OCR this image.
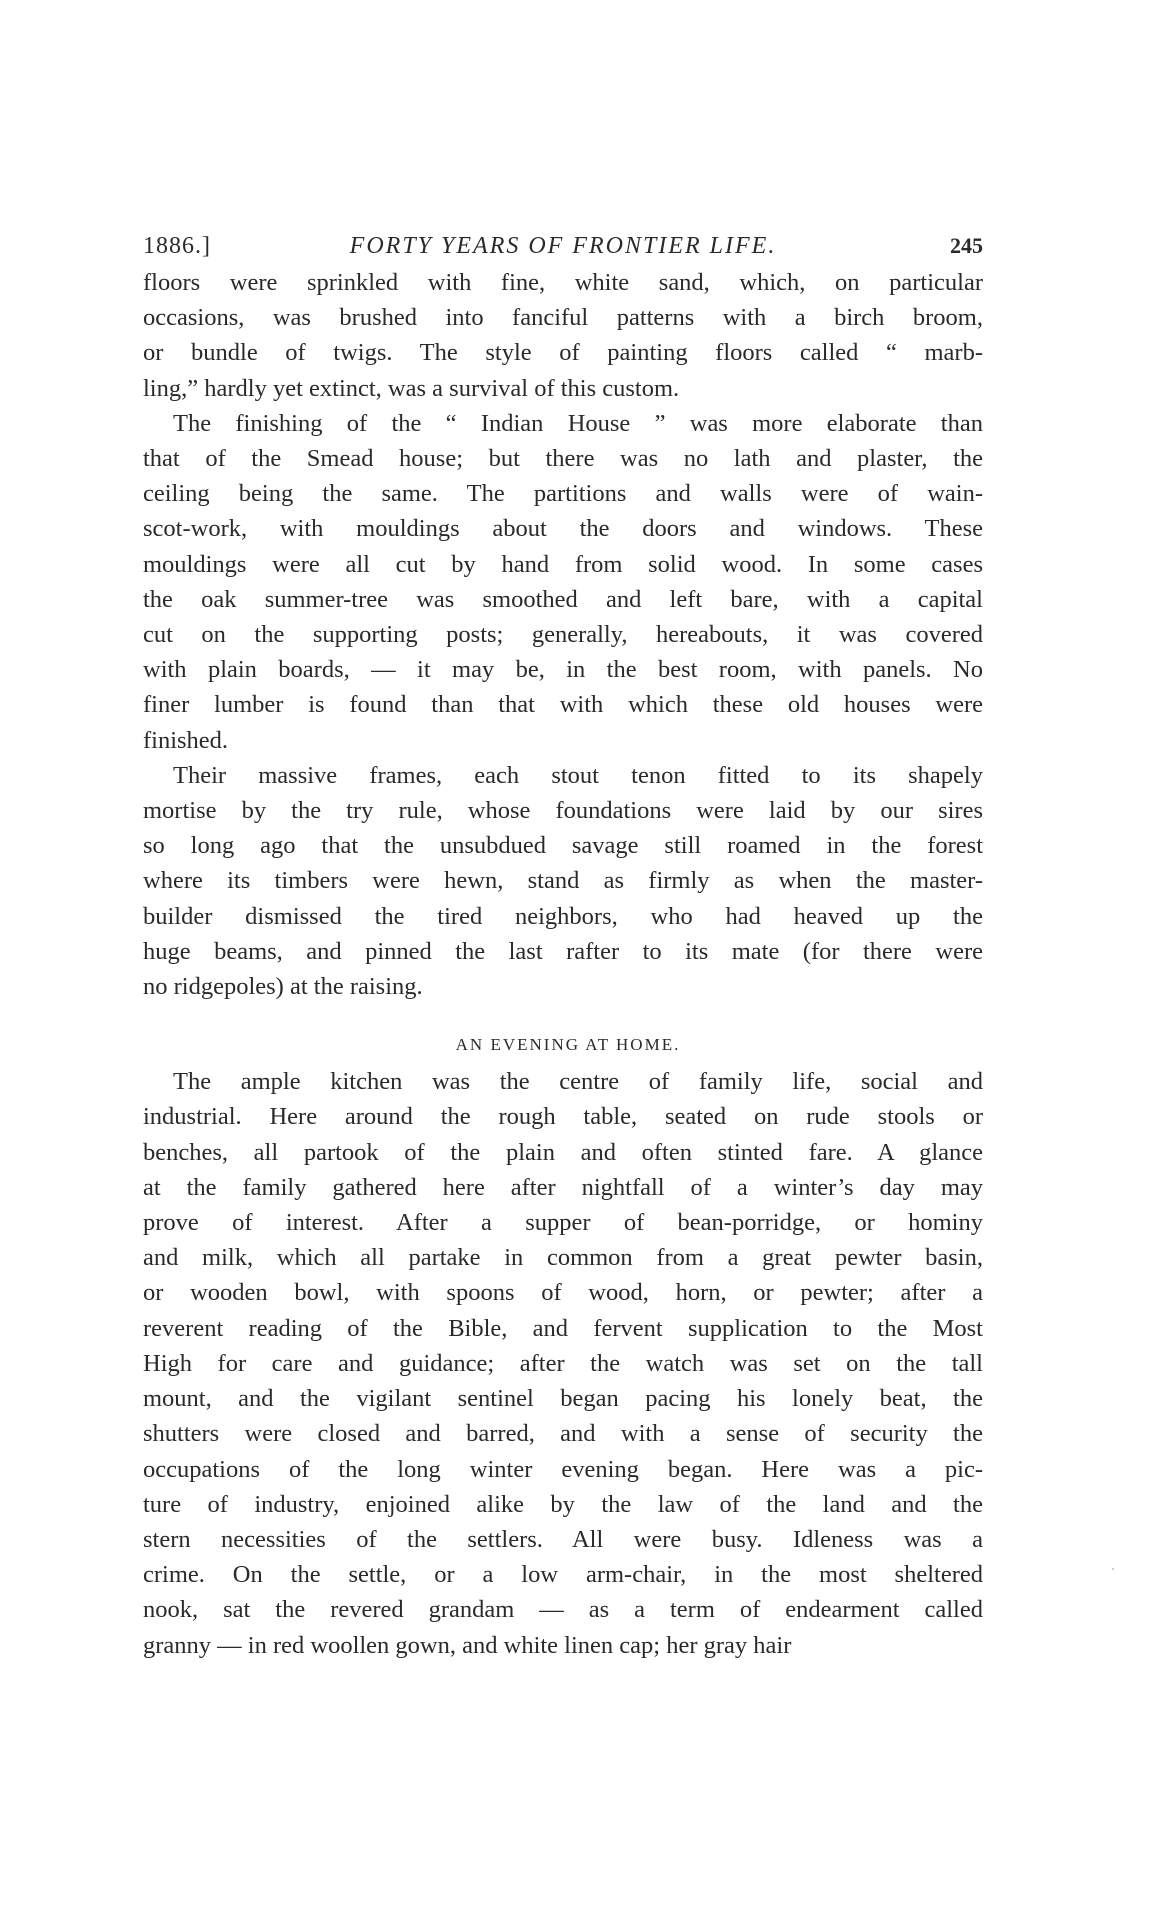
1886.]	FORTY YEARS OF FRONTIER LIFE.	245
floors were sprinkled with fine, white sand, which, on particular
occasions, was brushed into fanciful patterns with a birch broom,
or bundle of twigs. The style of painting floors called “ marb-
ling,” hardly yet extinct, was a survival of this custom.
The finishing of the “ Indian House ” was more elaborate than
that of the Smead house; but there was no lath and plaster, the
ceiling being the same. The partitions and walls were of wain-
scot-work, with mouldings about the doors and windows. These
mouldings were all cut by hand from solid wood. In some cases
the oak summer-tree was smoothed and left bare, with a capital
cut on the supporting posts; generally, hereabouts, it was covered
with plain boards, — it may be, in the best room, with panels. No
finer lumber is found than that with which these old houses were
finished.
Their massive frames, each stout tenon fitted to its shapely
mortise by the try rule, whose foundations were laid by our sires
so long ago that the unsubdued savage still roamed in the forest
where its timbers were hewn, stand as firmly as when the master-
builder dismissed the tired neighbors, who had heaved up the
huge beams, and pinned the last rafter to its mate (for there were
no ridgepoles) at the raising.
AN EVENING AT HOME.
The ample kitchen was the centre of family life, social and
industrial. Here around the rough table, seated on rude stools or
benches, all partook of the plain and often stinted fare. A glance
at the family gathered here after nightfall of a winter’s day may
prove of interest. After a supper of bean-porridge, or hominy
and milk, which all partake in common from a great pewter basin,
or wooden bowl, with spoons of wood, horn, or pewter; after a
reverent reading of the Bible, and fervent supplication to the Most
High for care and guidance; after the watch was set on the tall
mount, and the vigilant sentinel began pacing his lonely beat, the
shutters were closed and barred, and with a sense of security the
occupations of the long winter evening began. Here was a pic-
ture of industry, enjoined alike by the law of the land and the
stern necessities of the settlers. All were busy. Idleness was a
crime. On the settle, or a low arm-chair, in the most sheltered
nook, sat the revered grandam — as a term of endearment called
granny — in red woollen gown, and white linen cap; her gray hair
